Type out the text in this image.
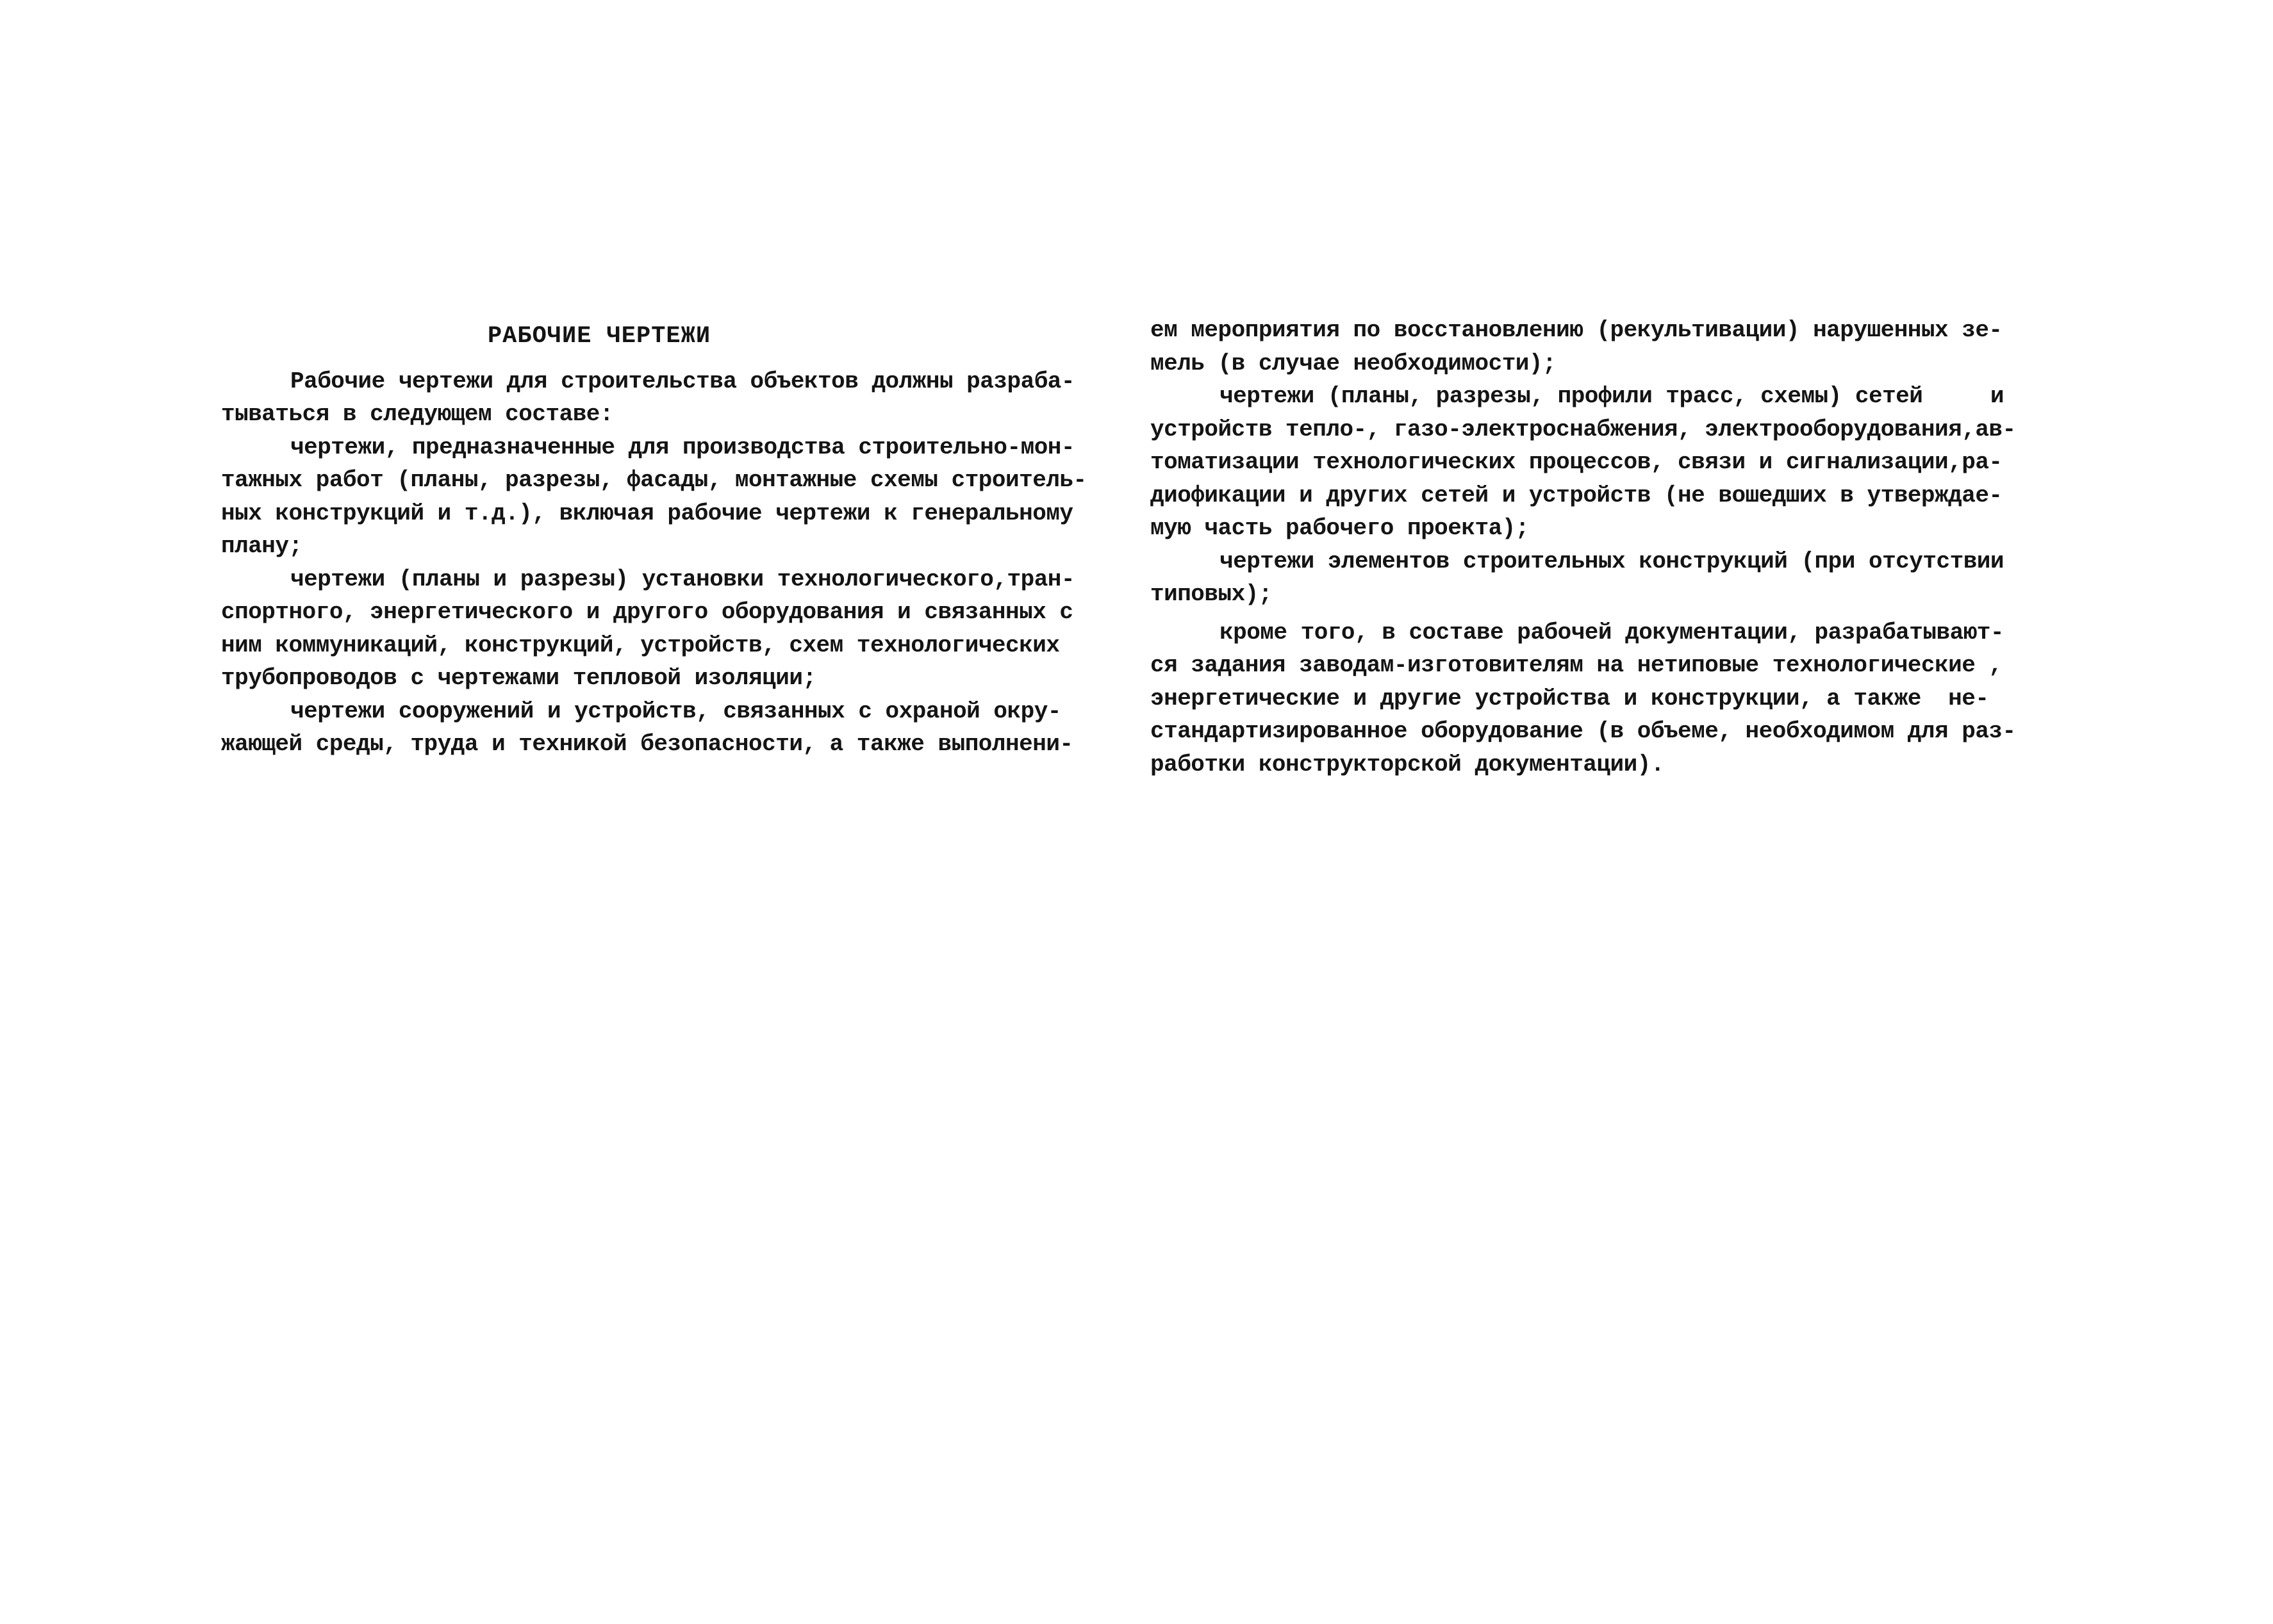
РАБОЧИЕ ЧЕРТЕЖИ
Рабочие чертежи для строительства объектов должны разраба-
тываться в следующем составе:
чертежи, предназначенные для производства строительно-мон-
тажных работ (планы, разрезы, фасады, монтажные схемы строитель-
ных конструкций и т.д.), включая рабочие чертежи к генеральному
плану;
чертежи (планы и разрезы) установки технологического,тран-
спортного, энергетического и другого оборудования и связанных с
ним коммуникаций, конструкций, устройств, схем технологических
трубопроводов с чертежами тепловой изоляции;
чертежи сооружений и устройств, связанных с охраной окру-
жающей среды, труда и техникой безопасности, а также выполнени-
ем мероприятия по восстановлению (рекультивации) нарушенных зе-
мель (в случае необходимости);
чертежи (планы, разрезы, профили трасс, схемы) сетей     и
устройств тепло-, газо-электроснабжения, электрооборудования,ав-
томатизации технологических процессов, связи и сигнализации,ра-
диофикации и других сетей и устройств (не вошедших в утверждае-
мую часть рабочего проекта);
чертежи элементов строительных конструкций (при отсутствии
типовых);
кроме того, в составе рабочей документации, разрабатывают-
ся задания заводам-изготовителям на нетиповые технологические ,
энергетические и другие устройства и конструкции, а также  не-
стандартизированное оборудование (в объеме, необходимом для раз-
работки конструкторской документации).
